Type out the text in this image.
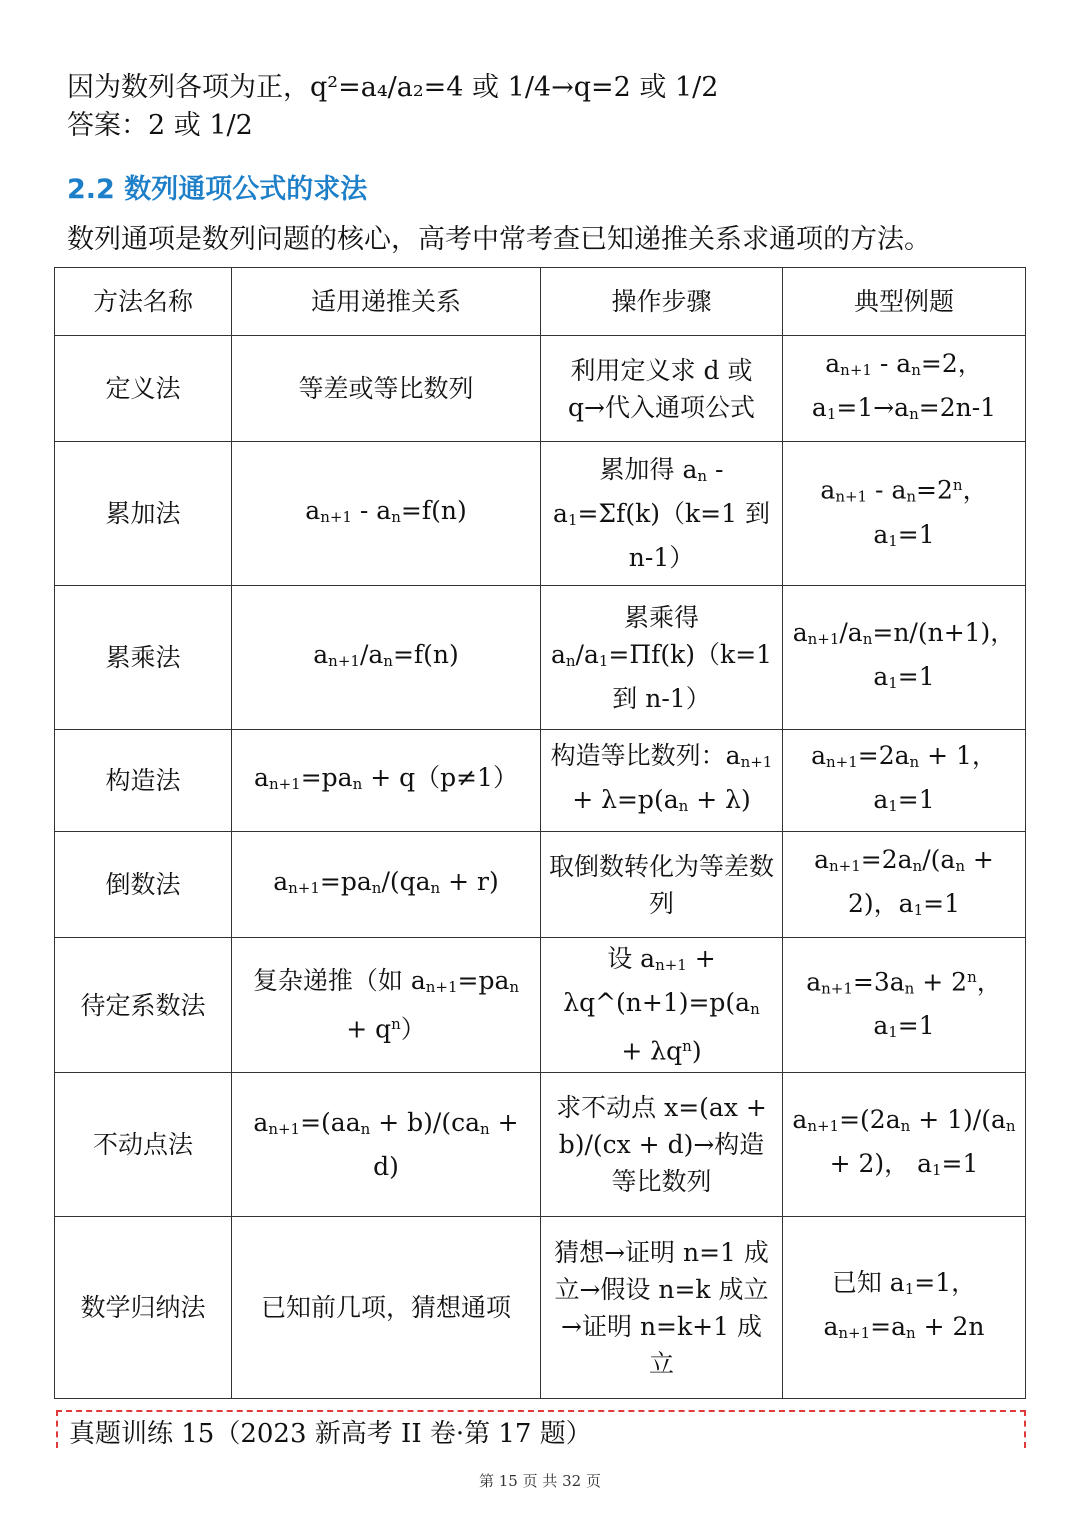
因为数列各项为正，q²=a₄/a₂=4 或 1/4→q=2 或 1/2
答案：2 或 1/2
2.2 数列通项公式的求法
数列通项是数列问题的核心，高考中常考查已知递推关系求通项的方法。
方法名称	适用递推关系	操作步骤	典型例题
定义法	等差或等比数列	利用定义求 d 或 q→代入通项公式	$a_{n+1} - a_n=2$，$a_1=1\to a_n=2n-1$
累加法	$a_{n+1} - a_n=f(n)$	累加得 $a_n - a_1=\Sigma f(k)(k=1$ 到 n-1）	$a_{n+1} - a_n=2^n$， $a_1=1$
累乘法	$a_{n+1}/a_n=f(n)$	累乘得 $a_n/a_1=\Pi f(k)(k=1$ 到 n-1）	$a_{n+1}/a_n=n/(n+1)$，$a_1=1$
构造法	$a_{n+1}=pa_n + q(p\ne 1)$	构造等比数列：$a_{n+1} + \lambda=p(a_n + \lambda)$	$a_{n+1}=2a_n + 1$， $a_1=1$
倒数法	$a_{n+1}=pa_n/(qa_n + r)$	取倒数转化为等差数列	$a_{n+1}=2a_n/(a_n + 2)$，$a_1=1$
待定系数法	复杂递推（如 $a_{n+1}=pa_n + q^n$）	设 $a_{n+1}$ + $\lambda q\^{}(n+1)=p(a_n + \lambda q^n)$	$a_{n+1}=3a_n + 2^n$，$a_1=1$
不动点法	$a_{n+1}=(aa_n + b)/(ca_n + d)$	求不动点 x=(ax + b)/(cx + d)→构造等比数列	$a_{n+1}=(2a_n + 1)/(a_n + 2)$， $a_1=1$
数学归纳法	已知前几项，猜想通项	猜想→证明 n=1 成立→假设 n=k 成立→证明 n=k+1 成立	已知 $a_1=1$，$a_{n+1}=a_n + 2n$
真题训练 15（2023 新高考 II 卷·第 17 题）
第 15 页 共 32 页
